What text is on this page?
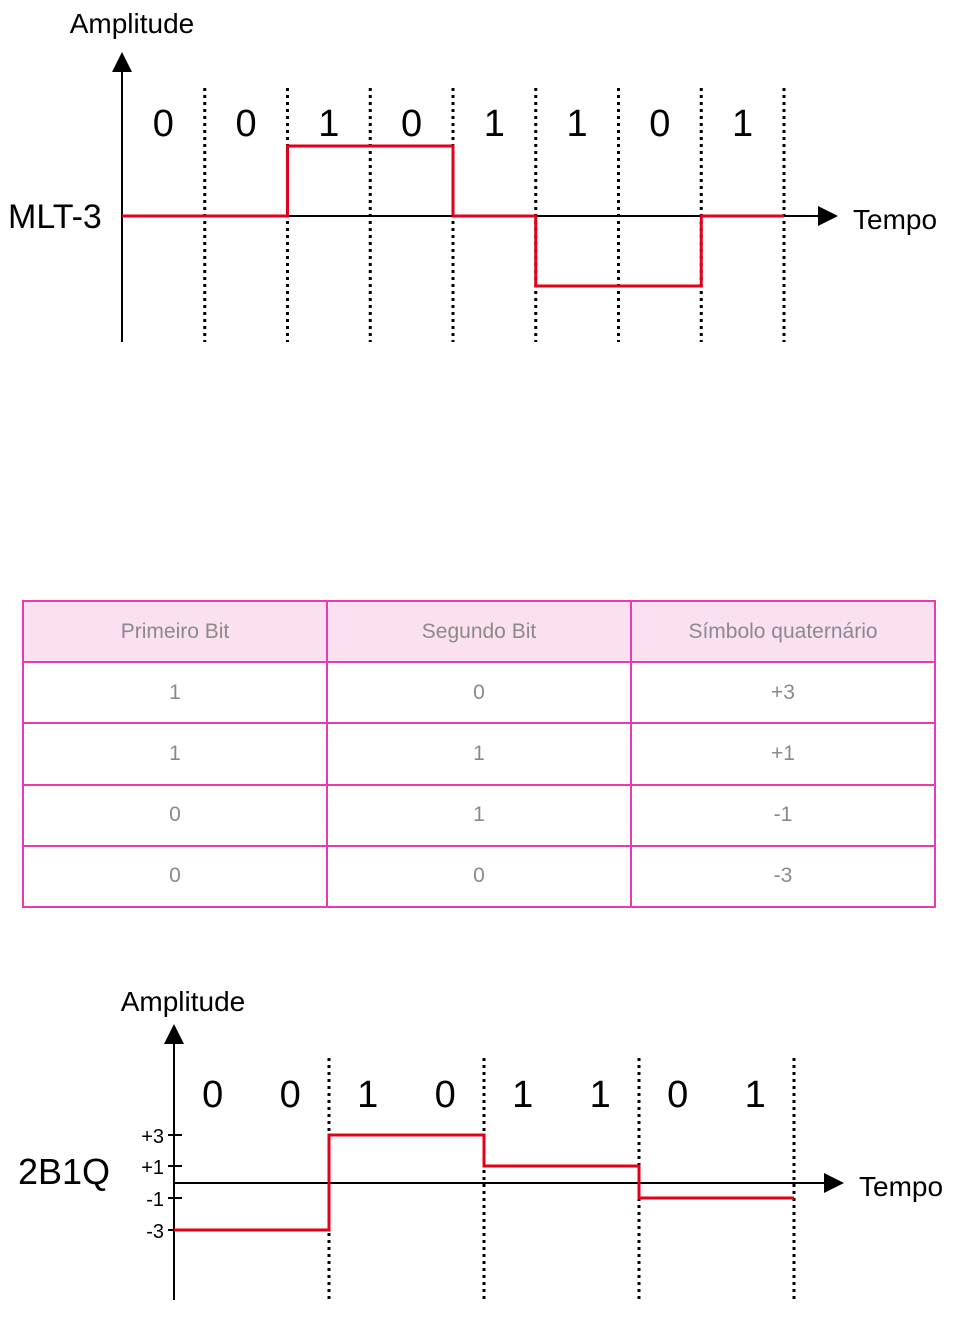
Amplitude
Tempo
MLT-3
0 0 1 0 1 1 0 1
Primeiro Bit	Segundo Bit	Símbolo quaternário
1	0	+3
1	1	+1
0	1	-1
0	0	-3
Amplitude
Tempo
2B1Q
+3
+1
-1
-3
0 0 1 0 1 1 0 1
